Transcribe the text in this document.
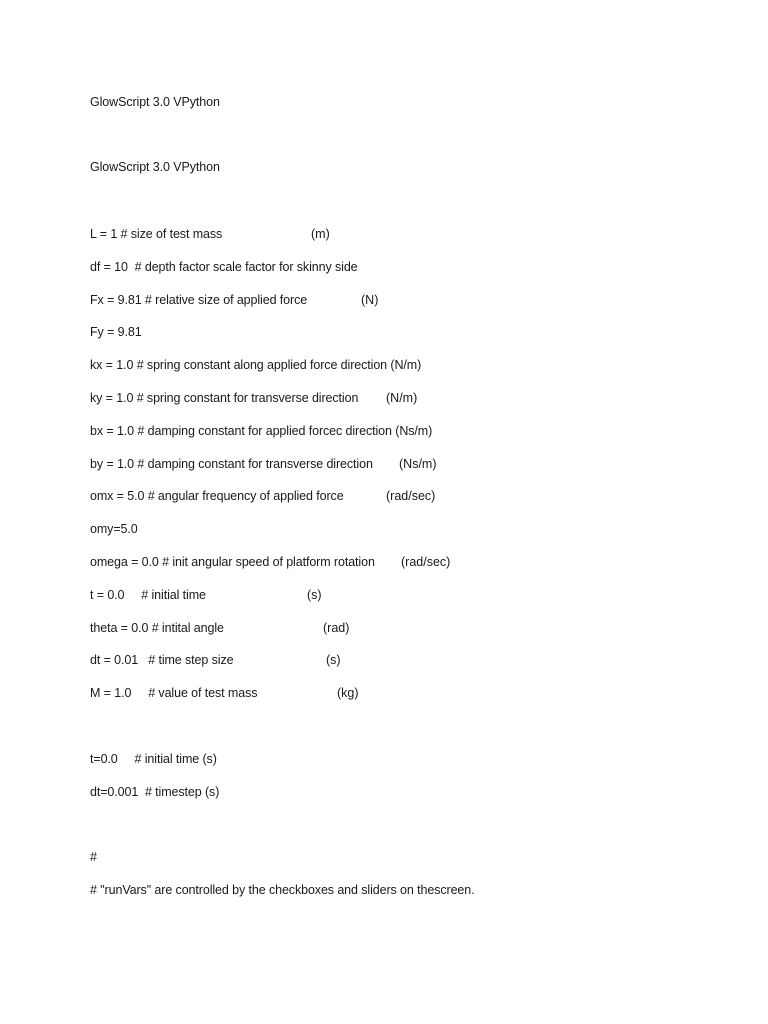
GlowScript 3.0 VPython
GlowScript 3.0 VPython
L = 1 # size of test mass	(m)
df = 10  # depth factor scale factor for skinny side
Fx = 9.81 # relative size of applied force	(N)
Fy = 9.81
kx = 1.0 # spring constant along applied force direction (N/m)
ky = 1.0 # spring constant for transverse direction (N/m)
bx = 1.0 # damping constant for applied forcec direction (Ns/m)
by = 1.0 # damping constant for transverse direction (Ns/m)
omx = 5.0 # angular frequency of applied force	(rad/sec)
omy=5.0
omega = 0.0 # init angular speed of platform rotation (rad/sec)
t = 0.0     # initial time	(s)
theta = 0.0 # intital angle	(rad)
dt = 0.01   # time step size	(s)
M = 1.0     # value of test mass	(kg)
t=0.0     # initial time (s)
dt=0.001  # timestep (s)
#
# "runVars" are controlled by the checkboxes and sliders on thescreen.
